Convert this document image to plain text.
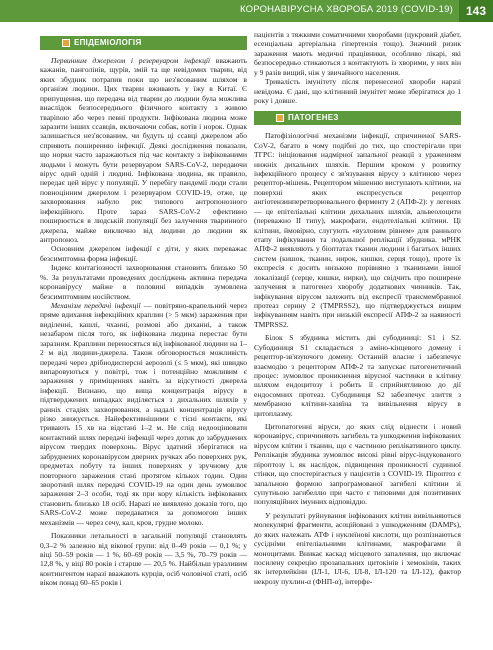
КОРОНАВІРУСНА ХВОРОБА 2019 (COVID-19)	143
ЕПІДЕМІОЛОГІЯ

Первинним джерелом і резервуаром інфекції вважають кажанів, панголінів, щурів, змій та ще невідомих тварин, від яких збудник потрапив поки що нез'ясованим шляхом в організм людини. Цих тварин вживають у їжу в Китаї. Є припущення, що передача від тварин до людини була можлива внаслідок безпосереднього фізичного контакту з живою тварinою або через певні продукти. Інфікована людина може заразити інших ссавців, включаючи собак, котів і норок. Однак залишається нез'ясованим, чи будуть ці ссавці джерелом або сприяють поширенню інфекції. Деякі дослідження показали, що норки часто заражаються під час контакту з інфікованими людьми і можуть бути резервуаром SARS-CoV-2, передаючи вірус однй одній і людині. Інфікована людина, як правило, передає цей вірус у популяції. У перебігу пандемії люди стали повноцінним джерелом і резервуаром COVID-19, отже, це захворювання набуло рис типового антропонозного інфекційного. Проте зараз SARS-CoV-2 ефективно поширюється в людській популяції без залучення тваринного джерела, майже виключно від людини до людини як антропоноз.

Основним джерелом інфекції є діти, у яких переважає безсимптомна форма інфекції.

Індекс контагіозності захворювання становить близько 50 %. За результатами проведених досліджень активна передача коронавірусу майже в половині випадків зумовлена безсимптомним носійством.

Механізм передачі інфекції — повітряно-крапельний через пряме вдихання інфекційних краплин (> 5 мкм) зараження при виділенні, кашлі, чханні, розмові або диханні, а також незабаром після того, як інфікована людина перестає бути заразним. Краплини переносяться від інфікованої людини на 1–2 м від людини-джерела. Також обговорюється можливість передачі через дрібнодисперсні аерозолі (≤ 5 мкм), які швидко випаровуються у повітрі, тож і потенційно можливим є зараження у приміщеннях навіть за відсутності джерела інфекції. Визнано, що вища концентрація вірусу в підтверджених випадках виділяється з дихальних шляхів у ранніх стадіях захворювання, а надалі концентрація вірусу різко знижується. Найефективнішими є тісні контакти, які тривають 15 хв на відстані 1–2 м. Не слід недооцінювати контактний шлях передачі інфекції через дотик до забруднених вірусом твердих поверхонь. Вірус здатний зберігатися на забруднених коронавірусом дверних ручках або поверхнях рук, предметах побуту та інших поверхнях у зручному для повторного зараження стані протягом кількох годин. Один зворотний шлях передачі COVID-19 на один день зумовлює зараження 2–3 особи, тоді як при кору кількість інфікованих становить близько 18 осіб. Нарazі не виявлено доказів того, що SARS-CoV-2 може передаватися за допомогою інших механізмів — через сечу, кал, кров, грудне молоко.

Показники летальності в загальній популяції становлять 0,3–2 % залежно від вікової групи: від 0–49 років — 0,1 %; у віці 50–59 років — 1 %, 60–69 років — 3,5 %, 70–79 років — 12,8 %, у віці 80 років і старше — 20,5 %. Найбільш уразливим контингентом наразі вважають курців, осіб чоловічої статі, осіб віком понад 60–65 років і

пацієнтів з тяжкими соматичними хворобами (цукровий діабет, есенціальна артеріальна гіпертензія тощо). Значний ризик зараження мають медичні працівники, особливо лікарі, які безпосередньо стикаються з контактують із хворими, у них він у 9 разів вищий, ніж у звичайного населення.

Тривалість імунітету після перенесеної хвороби наразі невідома. Є дані, що клітинний імунітет може зберігатися до 1 року і довше.

ПАТОГЕНЕЗ

Патофізіологічні механізми інфекції, спричиненої SARS-CoV-2, багато в чому подібні до тих, що спостерігали при ТГРС: ініціювання надмірної запальної реакції з ураженням нижніх дихальних шляхів. Першим кроком у розвитку інфекційного процесу є зв'язування вірусу з клітиною через рецептор-мішень. Рецептором мішенню виступають клітини, на поверхні яких експресується рецептор ангіотензинперетворювального ферменту 2 (АПФ-2): у легенях — це епітеліальні клітини дихальних шляхів, альвеолоцити (переважно II типу), макрофаги, ендотеліальні клітини. Ці клітини, ймовірно, слугують «вузловим рівнем» для раннього етапу інфікування та подальшої реплікації збудника. мРНК АПФ-2 виявляють у біоптатах тканин людини і багатьох інших систем (кишок, тканин, нирок, кишки, серця тощо), проте їх експресія є досить низькою порівняно з тканинами іншої локалізації (серце, кишки, нирки), що свідчить про поширене залучення в патогенез хворобу додаткових чинників. Так, інфікування вірусом залежить від експресії трансмембранної протеаз серину 2 (TMPRSS2), що підтверджується вищим інфікуванням навіть при низькій експресії АПФ-2 за наявності TMPRSS2.

Білок S збудника містить дві субодиниці: S1 і S2. Субодиниця S1 складається з аміно-кінцевого домену і рецептор-зв'язуючого домену. Останній власне і забезпечує взаємодію з рецептором АПФ-2 та запускає патогенетичний процес: зумовлює проникнення вірусної частинки в клітину шляхом ендоцитозу і робить її сприйнятливою до дії ендосомних протеаз. Субодиниця S2 забезпечує злиття з мембраною клітини-хазяїна та вивільнення вірусу в цитоплазму.

Цитопатогенні віруси, до яких слід віднести і новий коронавірус, спричиняють загибель та ушкодження інфікованих вірусом клітин і тканин, що є частиною реплікативного циклу. Реплікація збудника зумовлює високі рівні вірус-індукованого піроптозу і, як наслідок, підвищення проникності судинної стінки, що спостерігається у пацієнтів з COVID-19. Піроптоз є запальною формою запрограмованої загибелі клітини зі супутньою загибеллю при часто є типовими для позитивних популяційних імунних відповіддю.

У результаті руйнування інфікованих клітин вивільняються молекулярні фрагменти, асоційовані з ушкодженням (DAMPs), до яких належать АТФ і нуклеїнові кислоти, що розпізнаються сусідніми епітеліальними клітинами, макрофагами й моноцитами. Вникає каскад місцевого запалення, що включає посилену секрецію прозапальних цитокінів і хемокінів, таких як інтерлейкіни (ІЛ-1, ІЛ-6, ІЛ-8, ІЛ-120 та ІЛ-12), фактор некрозу пухлин-α (ФНП-α), інтерфе-
